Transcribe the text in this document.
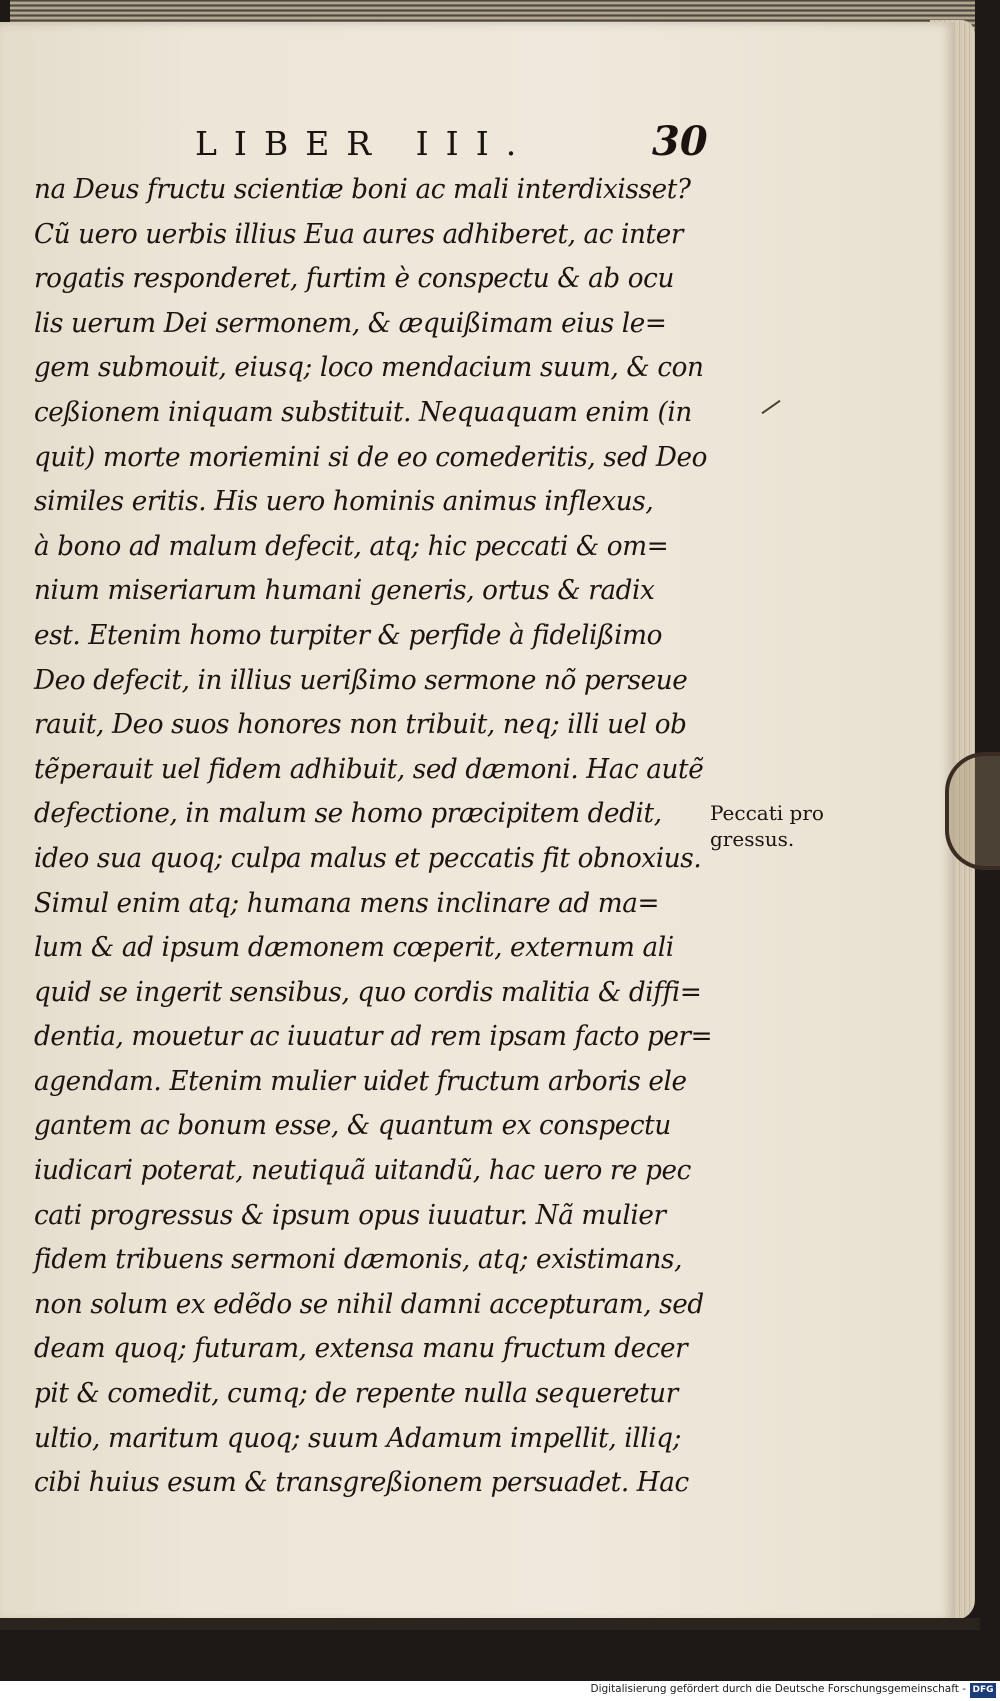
LIBER III.	30
na Deus fructu scientiæ boni ac mali interdixisset?
Cũ uero uerbis illius Eua aures adhiberet, ac inter
rogatis responderet, furtim è conspectu & ab ocu
lis uerum Dei sermonem, & æquißimam eius le=
gem submouit, eiusq; loco mendacium suum, & con
ceßionem iniquam substituit. Nequaquam enim (in
quit) morte moriemini si de eo comederitis, sed Deo
similes eritis. His uero hominis animus inflexus,
à bono ad malum defecit, atq; hic peccati & om=
nium miseriarum humani generis, ortus & radix
est. Etenim homo turpiter & perfide à fidelißimo
Deo defecit, in illius uerißimo sermone nõ perseue
rauit, Deo suos honores non tribuit, neq; illi uel ob
tẽperauit uel fidem adhibuit, sed dæmoni. Hac autẽ
defectione, in malum se homo præcipitem dedit,
ideo sua quoq; culpa malus et peccatis fit obnoxius.
Simul enim atq; humana mens inclinare ad ma=
lum & ad ipsum dæmonem cœperit, externum ali
quid se ingerit sensibus, quo cordis malitia & diffi=
dentia, mouetur ac iuuatur ad rem ipsam facto per=
agendam. Etenim mulier uidet fructum arboris ele
gantem ac bonum esse, & quantum ex conspectu
iudicari poterat, neutiquã uitandũ, hac uero re pec
cati progressus & ipsum opus iuuatur. Nã mulier
fidem tribuens sermoni dæmonis, atq; existimans,
non solum ex edẽdo se nihil damni accepturam, sed
deam quoq; futuram, extensa manu fructum decer
pit & comedit, cumq; de repente nulla sequeretur
ultio, maritum quoq; suum Adamum impellit, illiq;
cibi huius esum & transgreßionem persuadet. Hac
Peccati pro
gressus.
Digitalisierung gefördert durch die Deutsche Forschungsgemeinschaft - DFG
